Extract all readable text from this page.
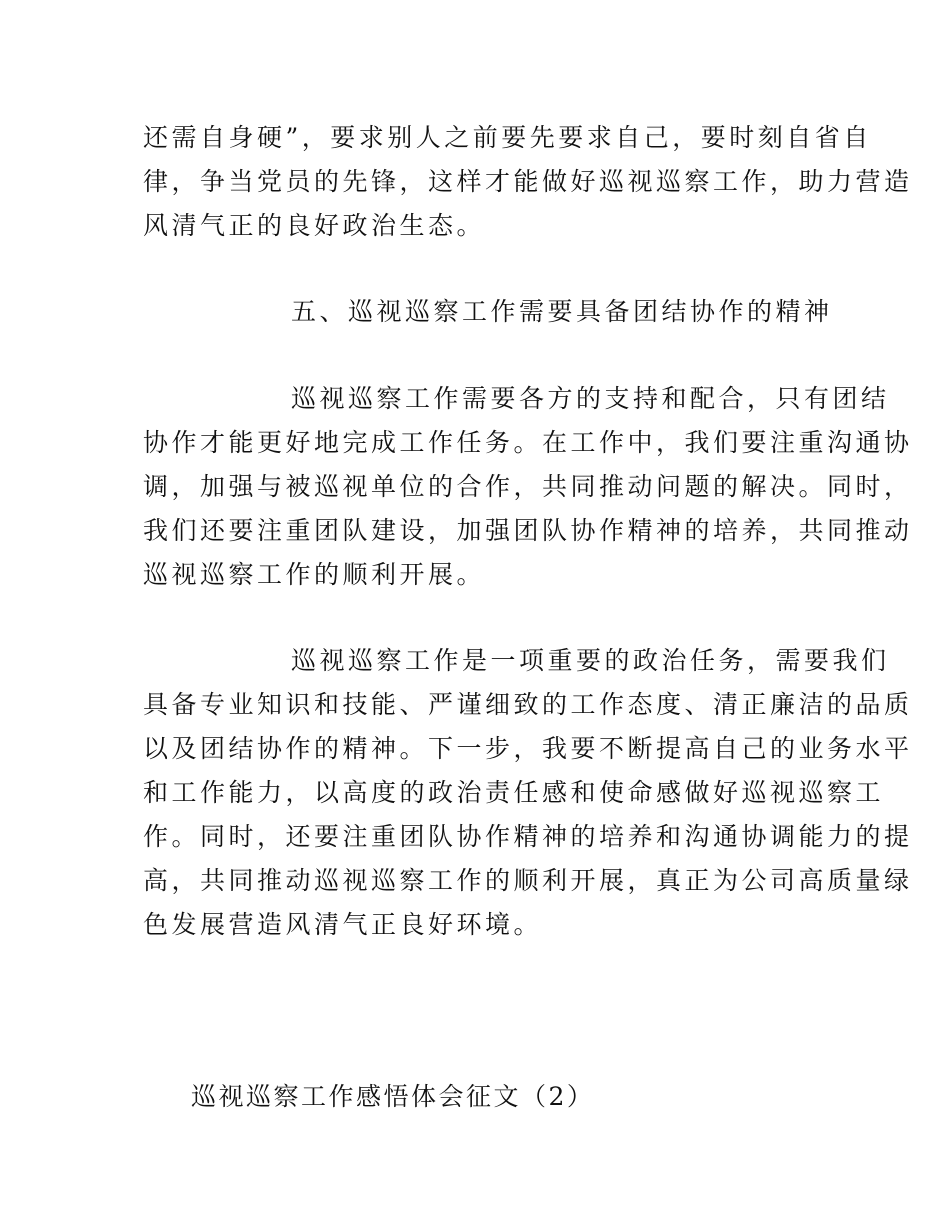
还需自身硬”，要求别人之前要先要求自己，要时刻自省自
律，争当党员的先锋，这样才能做好巡视巡察工作，助力营造
风清气正的良好政治生态。
五、巡视巡察工作需要具备团结协作的精神
巡视巡察工作需要各方的支持和配合，只有团结
协作才能更好地完成工作任务。在工作中，我们要注重沟通协
调，加强与被巡视单位的合作，共同推动问题的解决。同时，
我们还要注重团队建设，加强团队协作精神的培养，共同推动
巡视巡察工作的顺利开展。
巡视巡察工作是一项重要的政治任务，需要我们
具备专业知识和技能、严谨细致的工作态度、清正廉洁的品质
以及团结协作的精神。下一步，我要不断提高自己的业务水平
和工作能力，以高度的政治责任感和使命感做好巡视巡察工
作。同时，还要注重团队协作精神的培养和沟通协调能力的提
高，共同推动巡视巡察工作的顺利开展，真正为公司高质量绿
色发展营造风清气正良好环境。
巡视巡察工作感悟体会征文（2）
